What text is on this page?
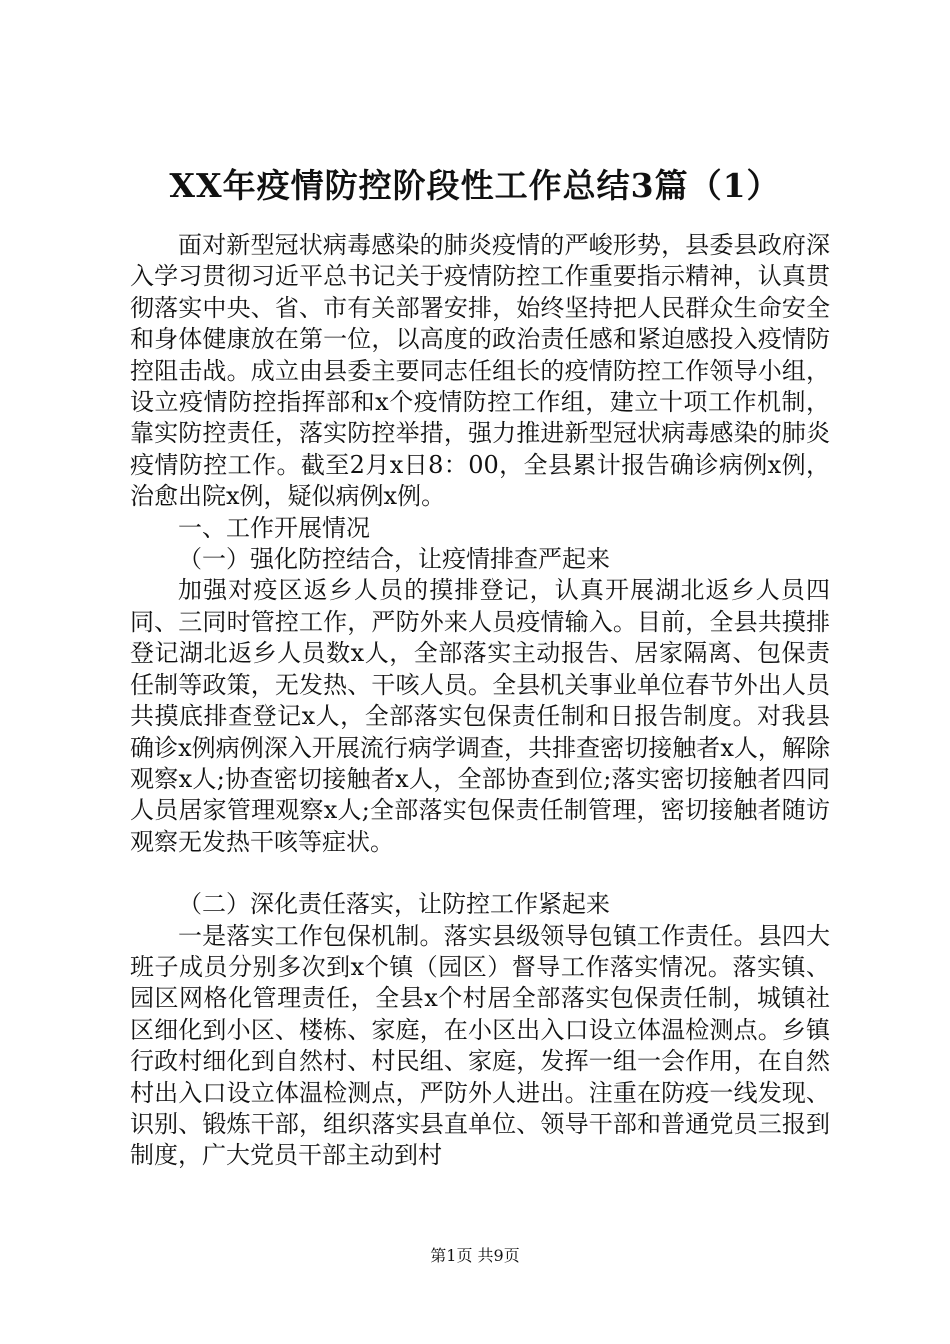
XX年疫情防控阶段性工作总结3篇（1）

面对新型冠状病毒感染的肺炎疫情的严峻形势，县委县政府深入学习贯彻习近平总书记关于疫情防控工作重要指示精神，认真贯彻落实中央、省、市有关部署安排，始终坚持把人民群众生命安全和身体健康放在第一位，以高度的政治责任感和紧迫感投入疫情防控阻击战。成立由县委主要同志任组长的疫情防控工作领导小组，设立疫情防控指挥部和x个疫情防控工作组，建立十项工作机制，靠实防控责任，落实防控举措，强力推进新型冠状病毒感染的肺炎疫情防控工作。截至2月x日8：00，全县累计报告确诊病例x例，治愈出院x例，疑似病例x例。

一、工作开展情况

（一）强化防控结合，让疫情排查严起来

加强对疫区返乡人员的摸排登记，认真开展湖北返乡人员四同、三同时管控工作，严防外来人员疫情输入。目前，全县共摸排登记湖北返乡人员数x人，全部落实主动报告、居家隔离、包保责任制等政策，无发热、干咳人员。全县机关事业单位春节外出人员共摸底排查登记x人，全部落实包保责任制和日报告制度。对我县确诊x例病例深入开展流行病学调查，共排查密切接触者x人，解除观察x人;协查密切接触者x人，全部协查到位;落实密切接触者四同人员居家管理观察x人;全部落实包保责任制管理，密切接触者随访观察无发热干咳等症状。

（二）深化责任落实，让防控工作紧起来

一是落实工作包保机制。落实县级领导包镇工作责任。县四大班子成员分别多次到x个镇（园区）督导工作落实情况。落实镇、园区网格化管理责任，全县x个村居全部落实包保责任制，城镇社区细化到小区、楼栋、家庭，在小区出入口设立体温检测点。乡镇行政村细化到自然村、村民组、家庭，发挥一组一会作用，在自然村出入口设立体温检测点，严防外人进出。注重在防疫一线发现、识别、锻炼干部，组织落实县直单位、领导干部和普通党员三报到制度，广大党员干部主动到村

第1页 共9页
